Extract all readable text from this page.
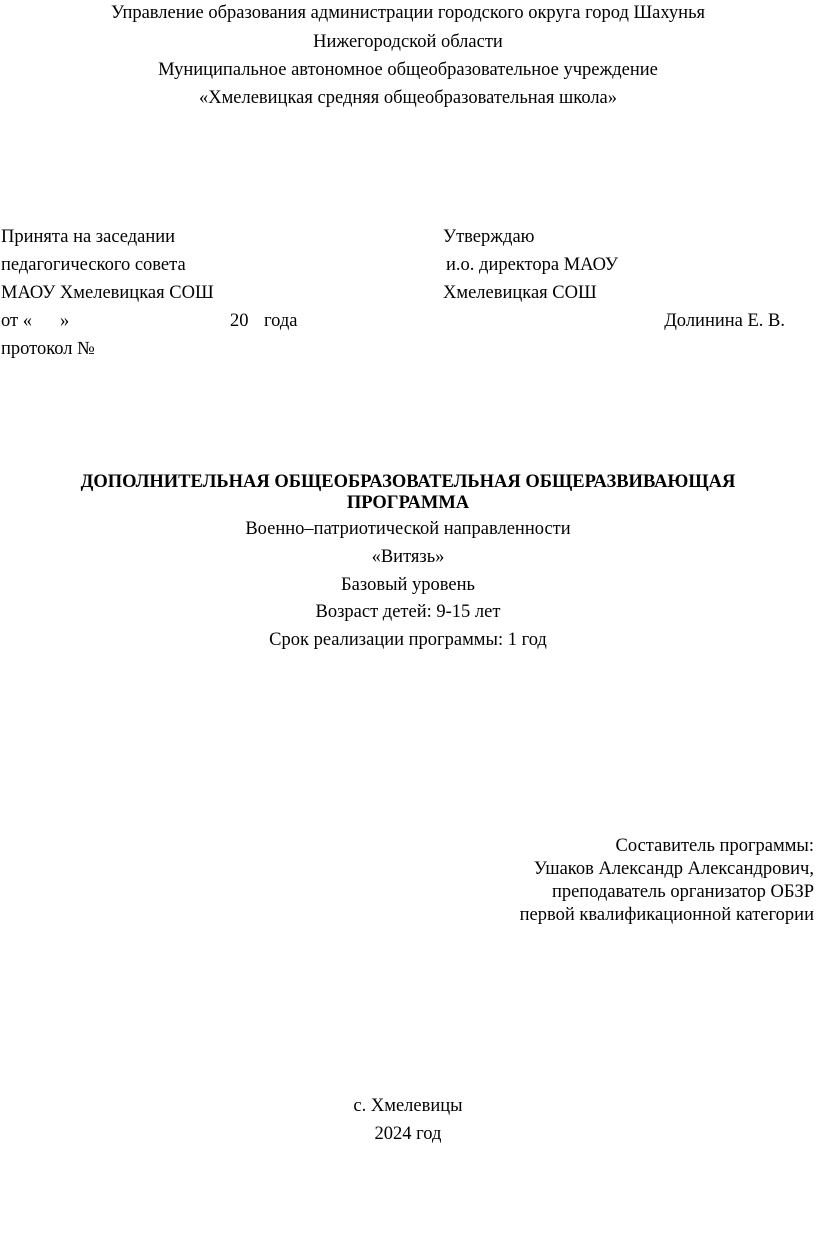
Управление образования администрации городского округа город Шахунья
Нижегородской области
Муниципальное автономное общеобразовательное учреждение
«Хмелевицкая средняя общеобразовательная школа»
Принята на заседании
педагогического совета
МАОУ Хмелевицкая СОШ
от « »	20 года
протокол №
Утверждаю
и.о. директора МАОУ
Хмелевицкая СОШ
Долинина Е. В.
ДОПОЛНИТЕЛЬНАЯ ОБЩЕОБРАЗОВАТЕЛЬНАЯ ОБЩЕРАЗВИВАЮЩАЯ
ПРОГРАММА
Военно–патриотической направленности
«Витязь»
Базовый уровень
Возраст детей: 9-15 лет
Срок реализации программы: 1 год
Составитель программы:
Ушаков Александр Александрович,
преподаватель организатор ОБЗР
первой квалификационной категории
с. Хмелевицы
2024 год
